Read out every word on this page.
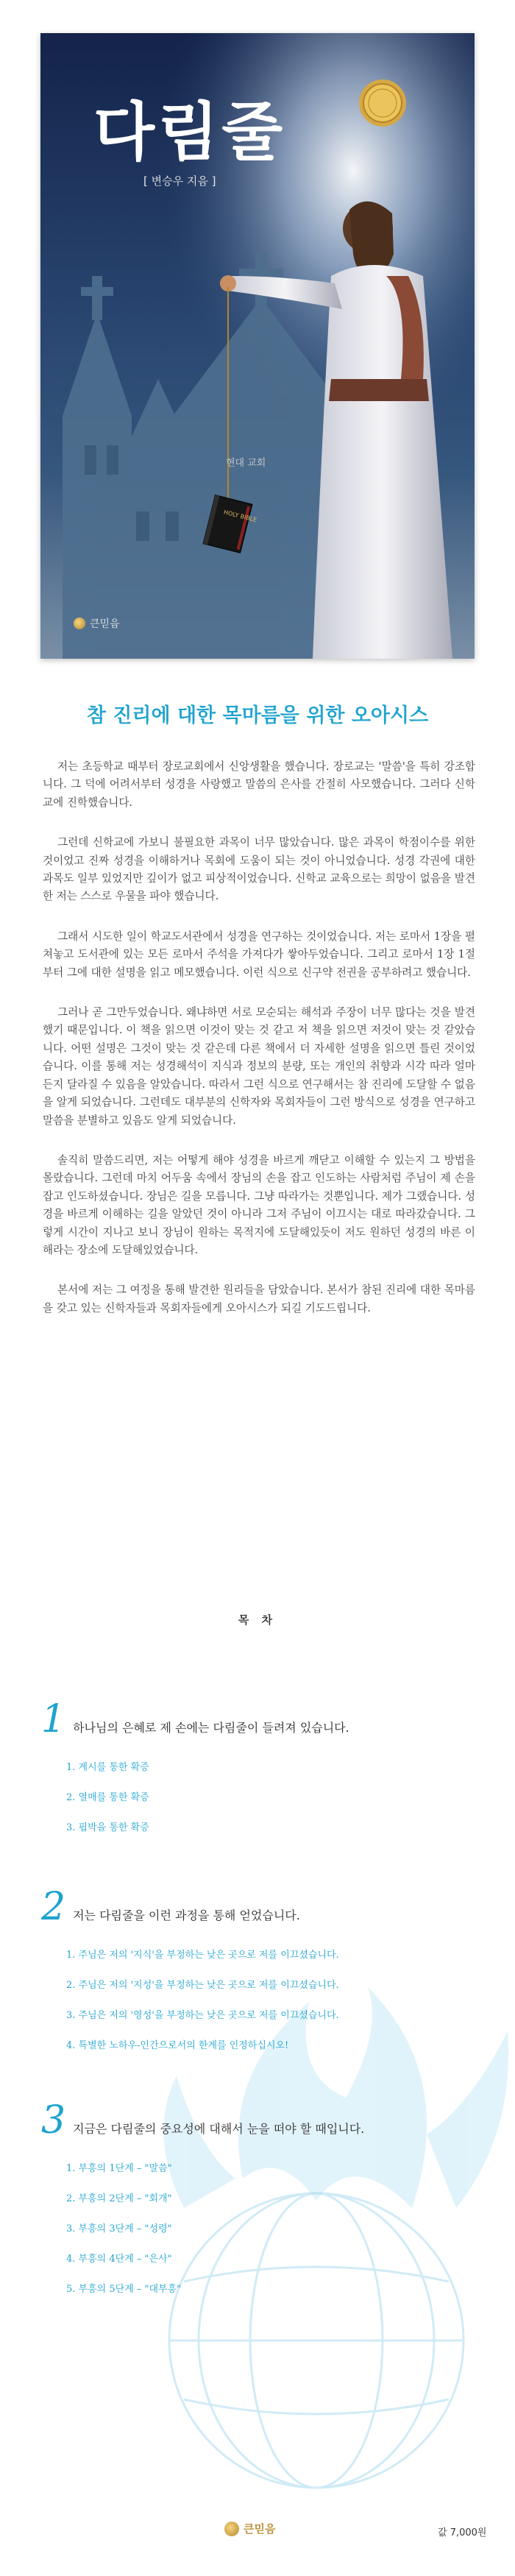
HOLY BIBLE
다림줄
[ 변승우 지음 ]
현대 교회
큰믿음
참 진리에 대한 목마름을 위한 오아시스

저는 초등학교 때부터 장로교회에서 신앙생활을 했습니다. 장로교는 '말씀'을 특히 강조합니다. 그 덕에 어려서부터 성경을 사랑했고 말씀의 은사를 간절히 사모했습니다. 그러다 신학교에 진학했습니다.

그런데 신학교에 가보니 불필요한 과목이 너무 많았습니다. 많은 과목이 학점이수를 위한 것이었고 진짜 성경을 이해하거나 목회에 도움이 되는 것이 아니었습니다. 성경 각권에 대한 과목도 일부 있었지만 깊이가 없고 피상적이었습니다. 신학교 교육으로는 희망이 없음을 발견한 저는 스스로 우물을 파야 했습니다.

그래서 시도한 일이 학교도서관에서 성경을 연구하는 것이었습니다. 저는 로마서 1장을 펼쳐놓고 도서관에 있는 모든 로마서 주석을 가져다가 쌓아두었습니다. 그리고 로마서 1장 1절부터 그에 대한 설명을 읽고 메모했습니다. 이런 식으로 신구약 전권을 공부하려고 했습니다.

그러나 곧 그만두었습니다. 왜냐하면 서로 모순되는 해석과 주장이 너무 많다는 것을 발견했기 때문입니다. 이 책을 읽으면 이것이 맞는 것 같고 저 책을 읽으면 저것이 맞는 것 같았습니다. 어떤 설명은 그것이 맞는 것 같은데 다른 책에서 더 자세한 설명을 읽으면 틀린 것이었습니다. 이를 통해 저는 성경해석이 지식과 정보의 분량, 또는 개인의 취향과 시각 따라 얼마든지 달라질 수 있음을 알았습니다. 따라서 그런 식으로 연구해서는 참 진리에 도달할 수 없음을 알게 되었습니다. 그런데도 대부분의 신학자와 목회자들이 그런 방식으로 성경을 연구하고 말씀을 분별하고 있음도 알게 되었습니다.

솔직히 말씀드리면, 저는 어떻게 해야 성경을 바르게 깨닫고 이해할 수 있는지 그 방법을 몰랐습니다. 그런데 마치 어두움 속에서 장님의 손을 잡고 인도하는 사람처럼 주님이 제 손을 잡고 인도하셨습니다. 장님은 길을 모릅니다. 그냥 따라가는 것뿐입니다. 제가 그랬습니다. 성경을 바르게 이해하는 길을 알았던 것이 아니라 그저 주님이 이끄시는 대로 따라갔습니다. 그렇게 시간이 지나고 보니 장님이 원하는 목적지에 도달해있듯이 저도 원하던 성경의 바른 이해라는 장소에 도달해있었습니다.

본서에 저는 그 여정을 통해 발견한 원리들을 담았습니다. 본서가 참된 진리에 대한 목마름을 갖고 있는 신학자들과 목회자들에게 오아시스가 되길 기도드립니다.

목 차
1 하나님의 은혜로 제 손에는 다림줄이 들려져 있습니다.
1. 계시를 통한 확증
2. 열매를 통한 확증
3. 핍박을 통한 확증
2 저는 다림줄을 이런 과정을 통해 얻었습니다.
1. 주님은 저의 '지식'을 부정하는 낮은 곳으로 저를 이끄셨습니다.
2. 주님은 저의 '지성'을 부정하는 낮은 곳으로 저를 이끄셨습니다.
3. 주님은 저의 '영성'을 부정하는 낮은 곳으로 저를 이끄셨습니다.
4. 특별한 노하우-인간으로서의 한계를 인정하십시오!
3 지금은 다림줄의 중요성에 대해서 눈을 떠야 할 때입니다.
1. 부흥의 1단계 – "말씀"
2. 부흥의 2단계 – "회개"
3. 부흥의 3단계 – "성령"
4. 부흥의 4단계 – "은사"
5. 부흥의 5단계 – "대부흥"
큰믿음	값 7,000원
